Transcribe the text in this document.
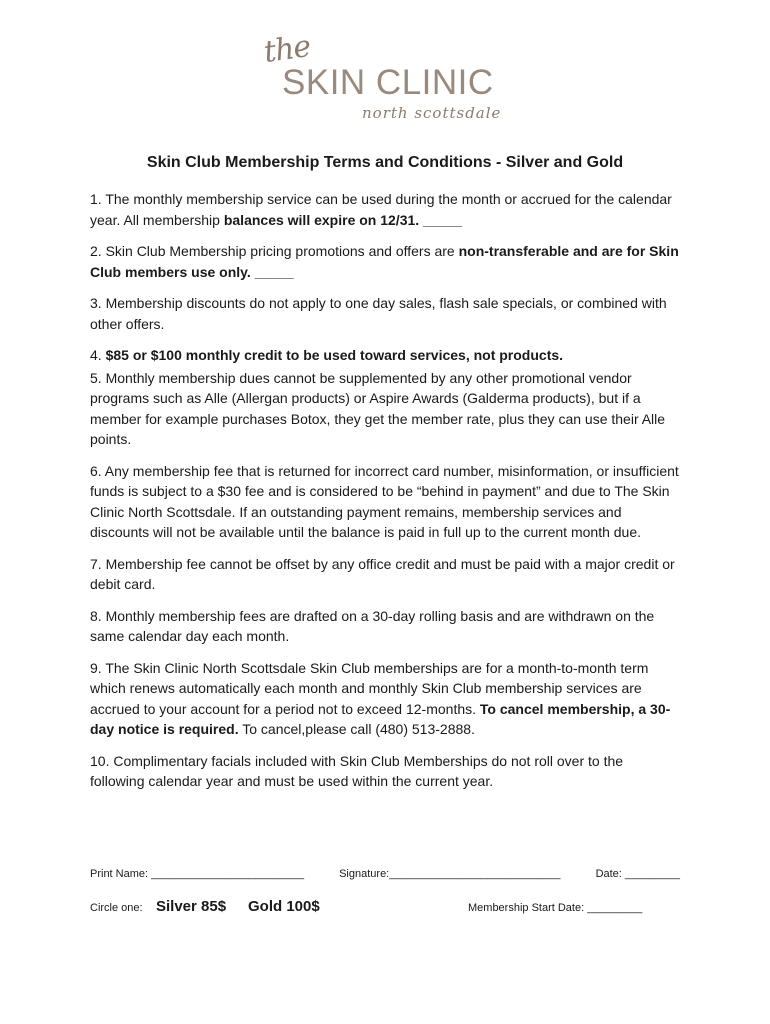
the
SKIN CLINIC
north scottsdale
Skin Club Membership Terms and Conditions - Silver and Gold

1. The monthly membership service can be used during the month or accrued for the calendar year. All membership balances will expire on 12/31. _____

2. Skin Club Membership pricing promotions and offers are non-transferable and are for Skin Club members use only. _____

3. Membership discounts do not apply to one day sales, flash sale specials, or combined with other offers.

4. $85 or $100 monthly credit to be used toward services, not products.

5. Monthly membership dues cannot be supplemented by any other promotional vendor programs such as Alle (Allergan products) or Aspire Awards (Galderma products), but if a member for example purchases Botox, they get the member rate, plus they can use their Alle points.

6. Any membership fee that is returned for incorrect card number, misinformation, or insufficient funds is subject to a $30 fee and is considered to be “behind in payment” and due to The Skin Clinic North Scottsdale. If an outstanding payment remains, membership services and discounts will not be available until the balance is paid in full up to the current month due.

7. Membership fee cannot be offset by any office credit and must be paid with a major credit or debit card.

8. Monthly membership fees are drafted on a 30-day rolling basis and are withdrawn on the same calendar day each month.

9. The Skin Clinic North Scottsdale Skin Club memberships are for a month-to-month term which renews automatically each month and monthly Skin Club membership services are accrued to your account for a period not to exceed 12-months. To cancel membership, a 30-day notice is required. To cancel,please call (480) 513-2888.

10. Complimentary facials included with Skin Club Memberships do not roll over to the following calendar year and must be used within the current year.

Print Name: _________________________	Signature:____________________________	Date: _________
Circle one: Silver 85$ Gold 100$	Membership Start Date: _________
